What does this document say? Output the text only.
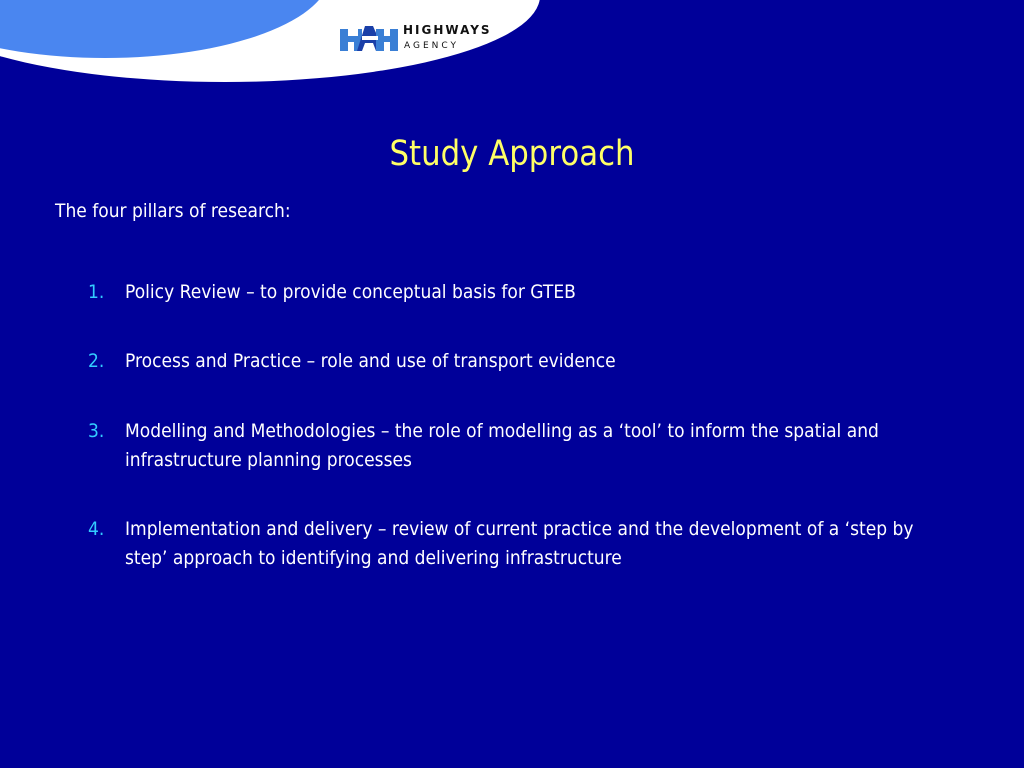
HIGHWAYS
AGENCY
Study Approach
The four pillars of research:
1. Policy Review – to provide conceptual basis for GTEB
2. Process and Practice – role and use of transport evidence
3. Modelling and Methodologies – the role of modelling as a ‘tool’ to inform the spatial and infrastructure planning processes
4. Implementation and delivery – review of current practice and the development of a ‘step by step’ approach to identifying and delivering infrastructure
